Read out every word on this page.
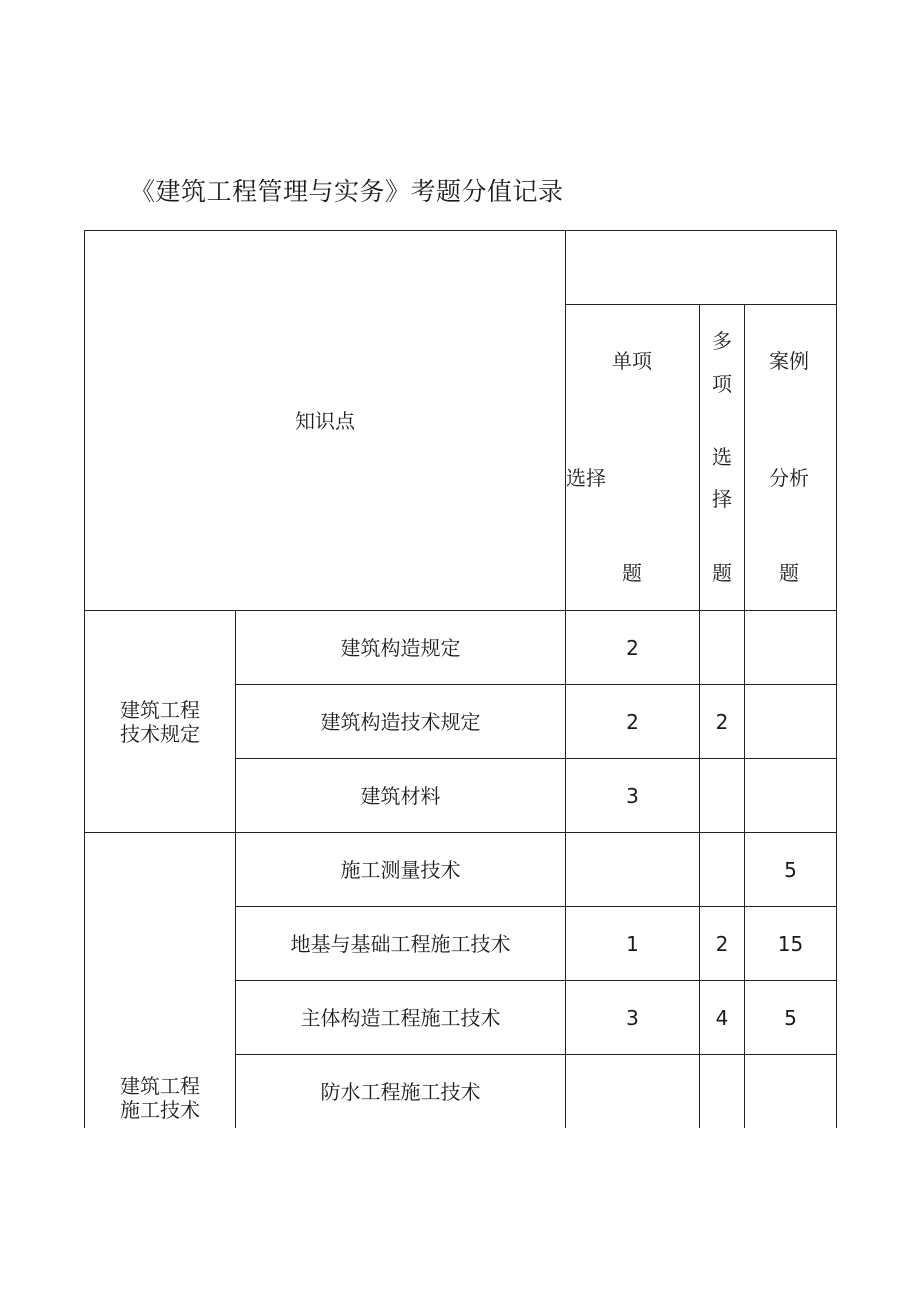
《建筑工程管理与实务》考题分值记录
知识点				

		单项
选择
题	多
项
选
择
题	案例
分析
题

建筑工程
技术规定	建筑构造规定	2		
	建筑构造技术规定	2	2	
	建筑材料	3		

建筑工程
施工技术	施工测量技术			5
	地基与基础工程施工技术	1	2	15
	主体构造工程施工技术	3	4	5
	防水工程施工技术			
